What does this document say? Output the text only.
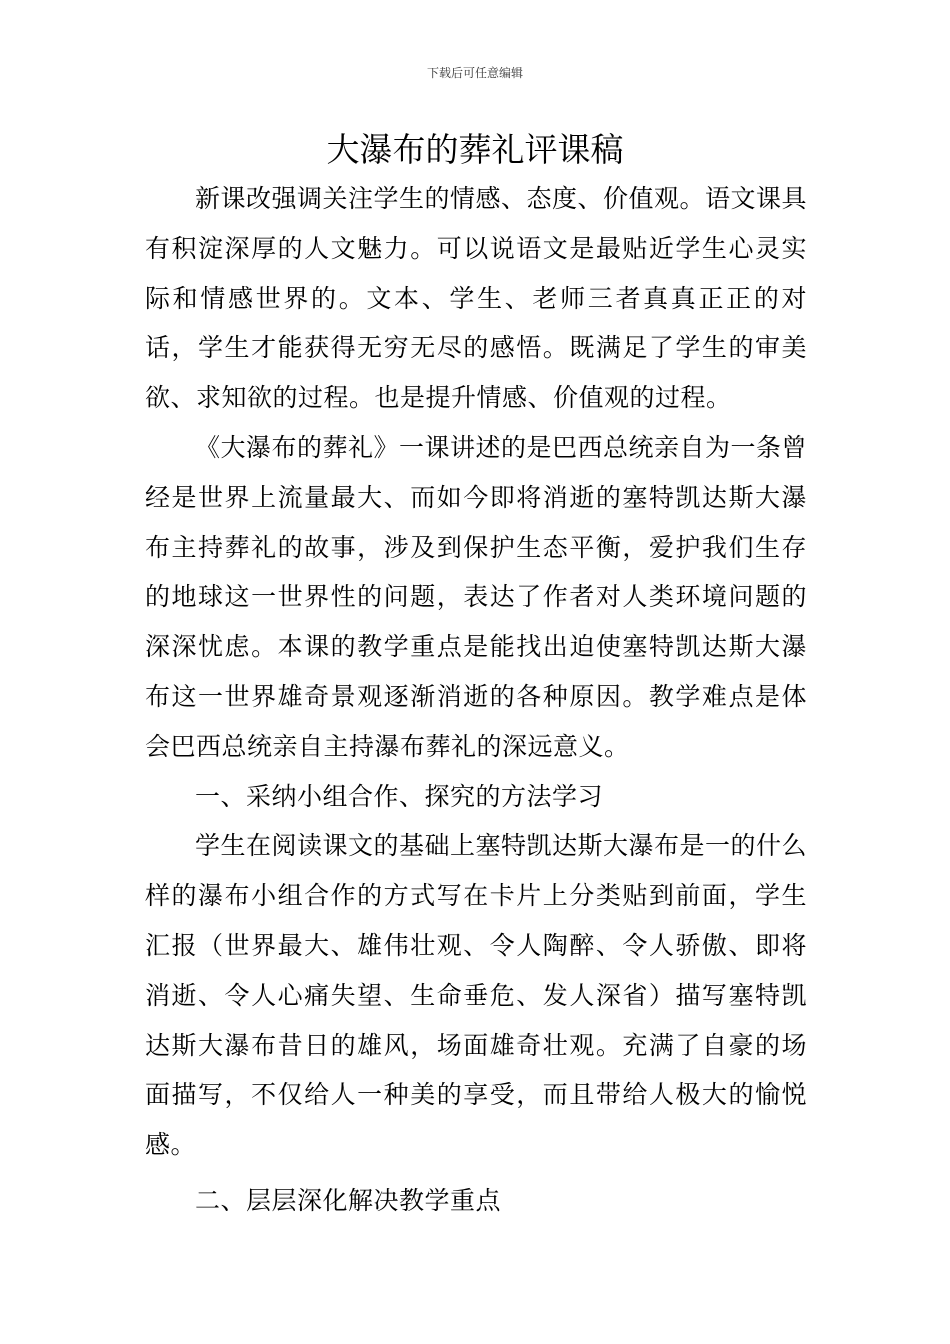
下载后可任意编辑
大瀑布的葬礼评课稿

新课改强调关注学生的情感、态度、价值观。语文课具有积淀深厚的人文魅力。可以说语文是最贴近学生心灵实际和情感世界的。文本、学生、老师三者真真正正的对话，学生才能获得无穷无尽的感悟。既满足了学生的审美欲、求知欲的过程。也是提升情感、价值观的过程。

《大瀑布的葬礼》一课讲述的是巴西总统亲自为一条曾经是世界上流量最大、而如今即将消逝的塞特凯达斯大瀑布主持葬礼的故事，涉及到保护生态平衡，爱护我们生存的地球这一世界性的问题，表达了作者对人类环境问题的深深忧虑。本课的教学重点是能找出迫使塞特凯达斯大瀑布这一世界雄奇景观逐渐消逝的各种原因。教学难点是体会巴西总统亲自主持瀑布葬礼的深远意义。

一、采纳小组合作、探究的方法学习

学生在阅读课文的基础上塞特凯达斯大瀑布是一的什么样的瀑布小组合作的方式写在卡片上分类贴到前面，学生汇报（世界最大、雄伟壮观、令人陶醉、令人骄傲、即将消逝、令人心痛失望、生命垂危、发人深省）描写塞特凯达斯大瀑布昔日的雄风，场面雄奇壮观。充满了自豪的场面描写，不仅给人一种美的享受，而且带给人极大的愉悦感。

二、层层深化解决教学重点
